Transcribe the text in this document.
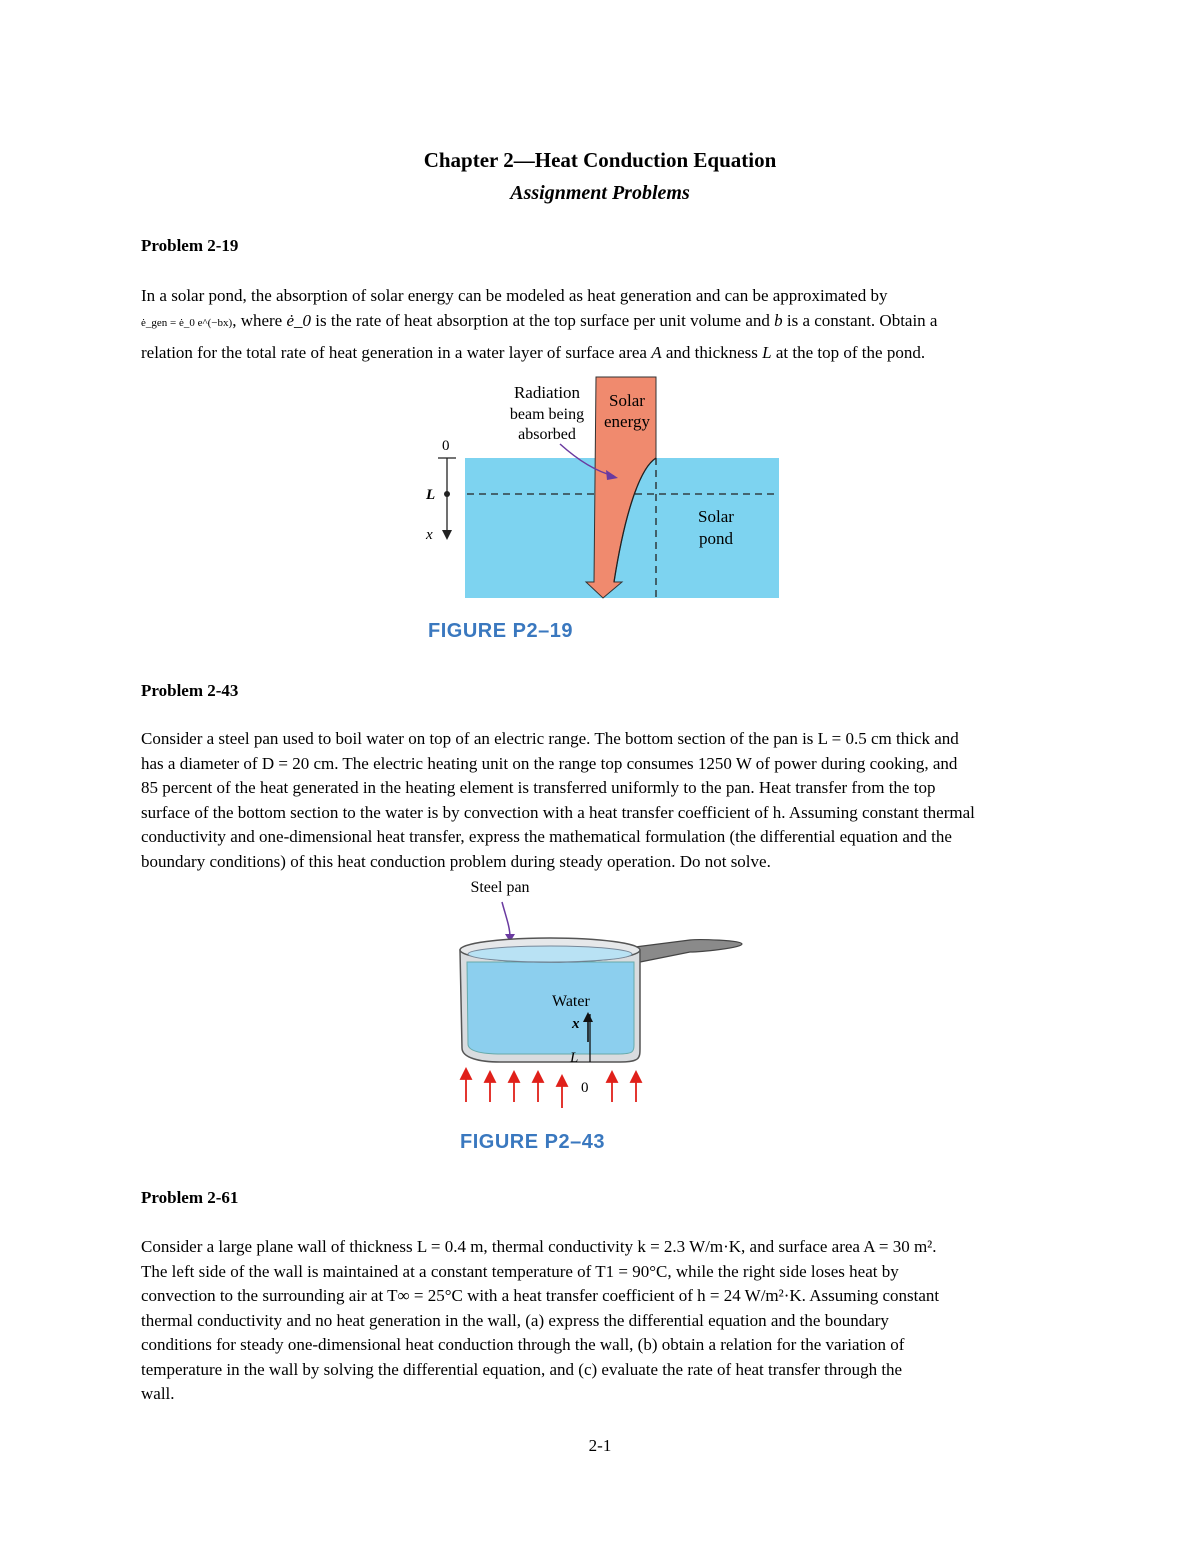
Chapter 2—Heat Conduction Equation
Assignment Problems
Problem 2-19
In a solar pond, the absorption of solar energy can be modeled as heat generation and can be approximated by
ė_gen = ė_0 e^(−bx), where ė_0 is the rate of heat absorption at the top surface per unit volume and b is a constant. Obtain a
relation for the total rate of heat generation in a water layer of surface area A and thickness L at the top of the pond.
0
L
x
Radiation
beam being
absorbed
Solar
energy
Solar
pond
FIGURE P2–19
Problem 2-43
Consider a steel pan used to boil water on top of an electric range. The bottom section of the pan is L = 0.5 cm thick and
has a diameter of D = 20 cm. The electric heating unit on the range top consumes 1250 W of power during cooking, and
85 percent of the heat generated in the heating element is transferred uniformly to the pan. Heat transfer from the top
surface of the bottom section to the water is by convection with a heat transfer coefficient of h. Assuming constant thermal
conductivity and one-dimensional heat transfer, express the mathematical formulation (the differential equation and the
boundary conditions) of this heat conduction problem during steady operation. Do not solve.
Steel pan
Water
x
L
0
FIGURE P2–43
Problem 2-61
Consider a large plane wall of thickness L = 0.4 m, thermal conductivity k = 2.3 W/m·K, and surface area A = 30 m².
The left side of the wall is maintained at a constant temperature of T1 = 90°C, while the right side loses heat by
convection to the surrounding air at T∞ = 25°C with a heat transfer coefficient of h = 24 W/m²·K. Assuming constant
thermal conductivity and no heat generation in the wall, (a) express the differential equation and the boundary
conditions for steady one-dimensional heat conduction through the wall, (b) obtain a relation for the variation of
temperature in the wall by solving the differential equation, and (c) evaluate the rate of heat transfer through the
wall.
2-1
